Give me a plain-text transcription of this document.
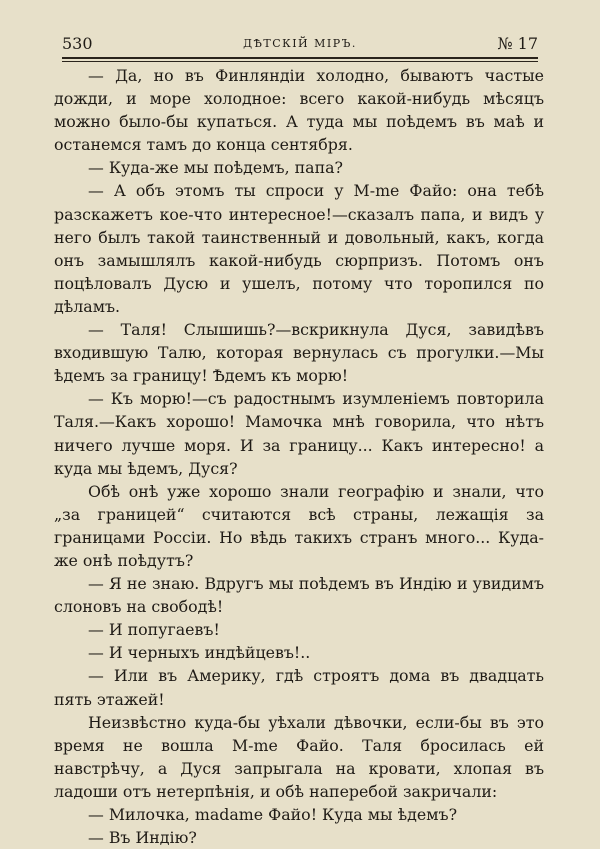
530	ДѢТСКІЙ МІРЪ.	№ 17

— Да, но въ Финляндіи холодно, бываютъ частые дожди, и море холодное: всего какой-нибудь мѣсяцъ можно было-бы купаться. А туда мы поѣдемъ въ маѣ и останемся тамъ до конца сентября.

— Куда-же мы поѣдемъ, папа?

— А объ этомъ ты спроси у М-me Файо: она тебѣ разскажетъ кое-что интересное!—сказалъ папа, и видъ у него былъ такой таинственный и довольный, какъ, когда онъ замышлялъ какой-нибудь сюрпризъ. Потомъ онъ поцѣловалъ Дусю и ушелъ, потому что торопился по дѣламъ.

— Таля! Слышишь?—вскрикнула Дуся, завидѣвъ входившую Талю, которая вернулась съ прогулки.—Мы ѣдемъ за границу! Ѣдемъ къ морю!

— Къ морю!—съ радостнымъ изумленіемъ повторила Таля.—Какъ хорошо! Мамочка мнѣ говорила, что нѣтъ ничего лучше моря. И за границу... Какъ интересно! а куда мы ѣдемъ, Дуся?

Обѣ онѣ уже хорошо знали географію и знали, что „за границей“ считаются всѣ страны, лежащія за границами Россіи. Но вѣдь такихъ странъ много... Куда-же онѣ поѣдутъ?

— Я не знаю. Вдругъ мы поѣдемъ въ Индію и увидимъ слоновъ на свободѣ!

— И попугаевъ!

— И черныхъ индѣйцевъ!..

— Или въ Америку, гдѣ строятъ дома въ двадцать пять этажей!

Неизвѣстно куда-бы уѣхали дѣвочки, если-бы въ это время не вошла М-me Файо. Таля бросилась ей навстрѣчу, а Дуся запрыгала на кровати, хлопая въ ладоши отъ нетерпѣнія, и обѣ наперебой закричали:

— Милочка, madame Файо! Куда мы ѣдемъ?

— Въ Индію?
